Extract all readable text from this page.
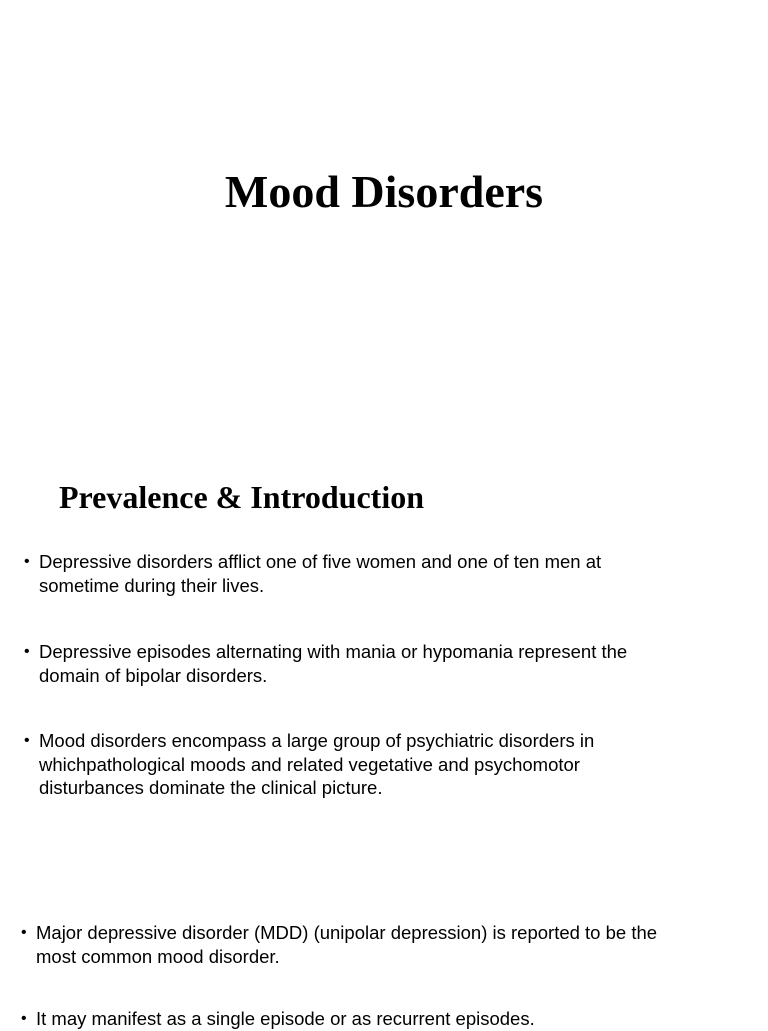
Mood Disorders
Prevalence & Introduction
• Depressive disorders afflict one of five women and one of ten men at
sometime during their lives.
• Depressive episodes alternating with mania or hypomania represent the
domain of bipolar disorders.
• Mood disorders encompass a large group of psychiatric disorders in
whichpathological moods and related vegetative and psychomotor
disturbances dominate the clinical picture.
• Major depressive disorder (MDD) (unipolar depression) is reported to be the
most common mood disorder.
• It may manifest as a single episode or as recurrent episodes.
